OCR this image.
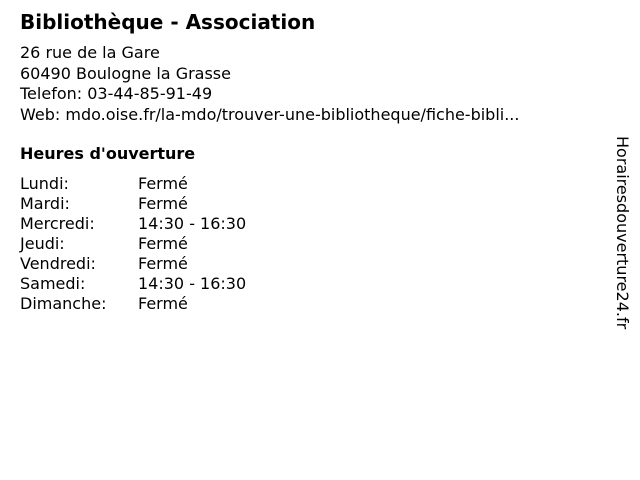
Bibliothèque - Association
26 rue de la Gare
60490 Boulogne la Grasse
Telefon: 03-44-85-91-49
Web: mdo.oise.fr/la-mdo/trouver-une-bibliotheque/fiche-bibli...
Heures d'ouverture
Lundi:	Fermé
Mardi:	Fermé
Mercredi:	14:30 - 16:30
Jeudi:	Fermé
Vendredi:	Fermé
Samedi:	14:30 - 16:30
Dimanche: Fermé	Horairesdouverture24.fr
